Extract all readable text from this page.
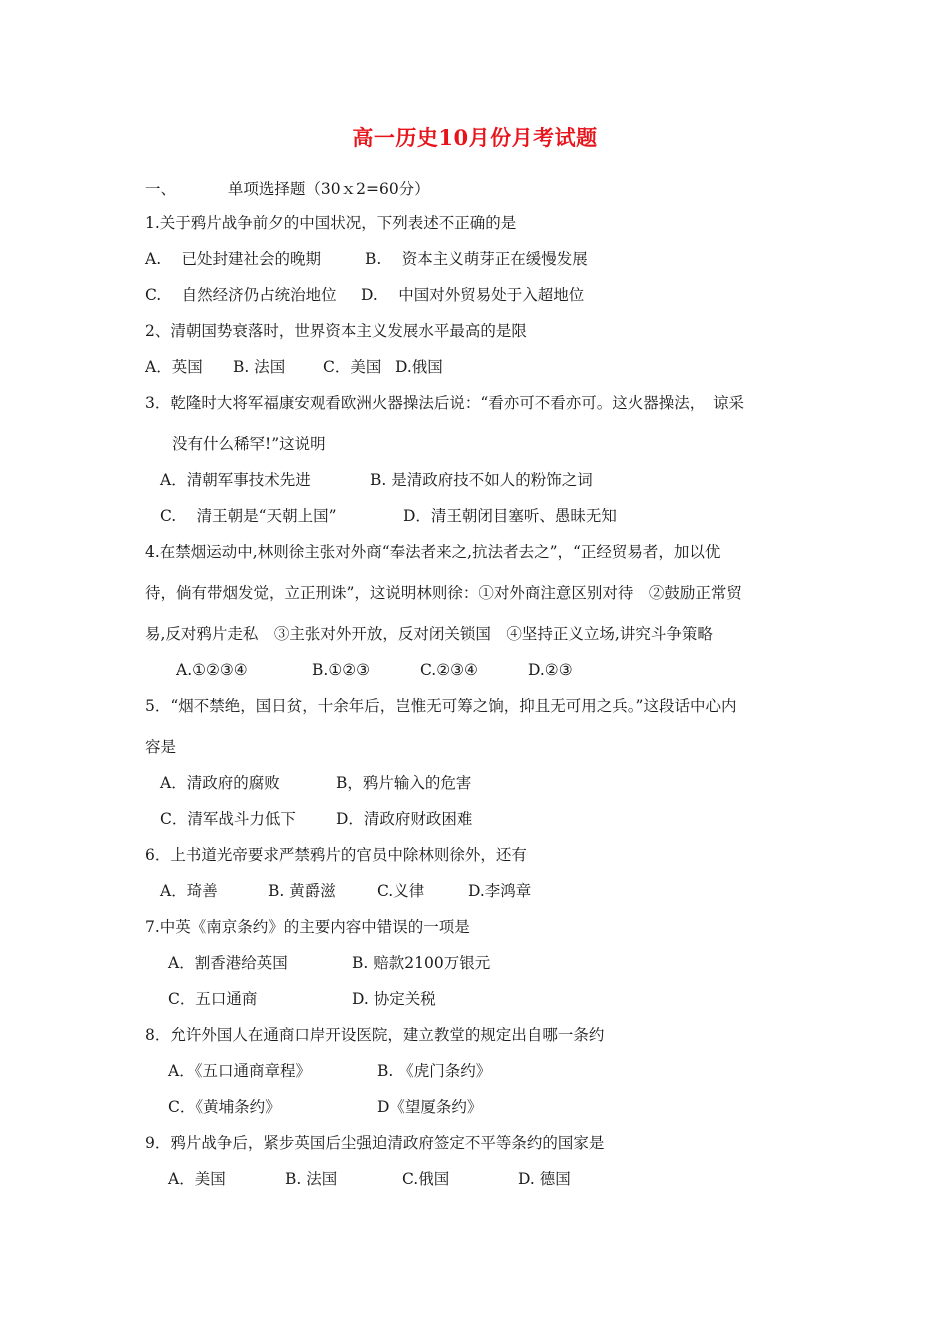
高一历史10月份月考试题
一、	单项选择题（30ｘ2=60分）
1.关于鸦片战争前夕的中国状况，下列表述不正确的是
A.　 已处封建社会的晚期	B.　 资本主义萌芽正在缓慢发展
C.　 自然经济仍占统治地位 D.　 中国对外贸易处于入超地位
2、清朝国势衰落时，世界资本主义发展水平最高的是限
A．英国 B. 法国 C．美国 D.俄国
3．乾隆时大将军福康安观看欧洲火器操法后说：“看亦可不看亦可。这火器操法，　谅采
没有什么稀罕!”这说明
A．清朝军事技术先进	B. 是清政府技不如人的粉饰之词
C.　 清王朝是“天朝上国”	D．清王朝闭目塞听、愚昧无知
4.在禁烟运动中,林则徐主张对外商“奉法者来之,抗法者去之”，“正经贸易者，加以优
待，倘有带烟发觉，立正刑诛”，这说明林则徐：①对外商注意区别对待　②鼓励正常贸
易,反对鸦片走私　③主张对外开放，反对闭关锁国　④坚持正义立场,讲究斗争策略
A.①②③④	B.①②③	C.②③④	D.②③
5．“烟不禁绝，国日贫，十余年后，岂惟无可筹之饷，抑且无可用之兵。”这段话中心内
容是
A．清政府的腐败	B，鸦片输入的危害
C．清军战斗力低下	D．清政府财政困难
6．上书道光帝要求严禁鸦片的官员中除林则徐外，还有
A．琦善	B. 黄爵滋	C.义律	D.李鸿章
7.中英《南京条约》的主要内容中错误的一项是
A．割香港给英国	B. 赔款2100万银元
C．五口通商	D. 协定关税
8．允许外国人在通商口岸开设医院，建立教堂的规定出自哪一条约
A．《五口通商章程》	B. 《虎门条约》
C．《黄埔条约》	D《望厦条约》
9．鸦片战争后，紧步英国后尘强迫清政府签定不平等条约的国家是
A．美国	B. 法国	C.俄国	D. 德国
